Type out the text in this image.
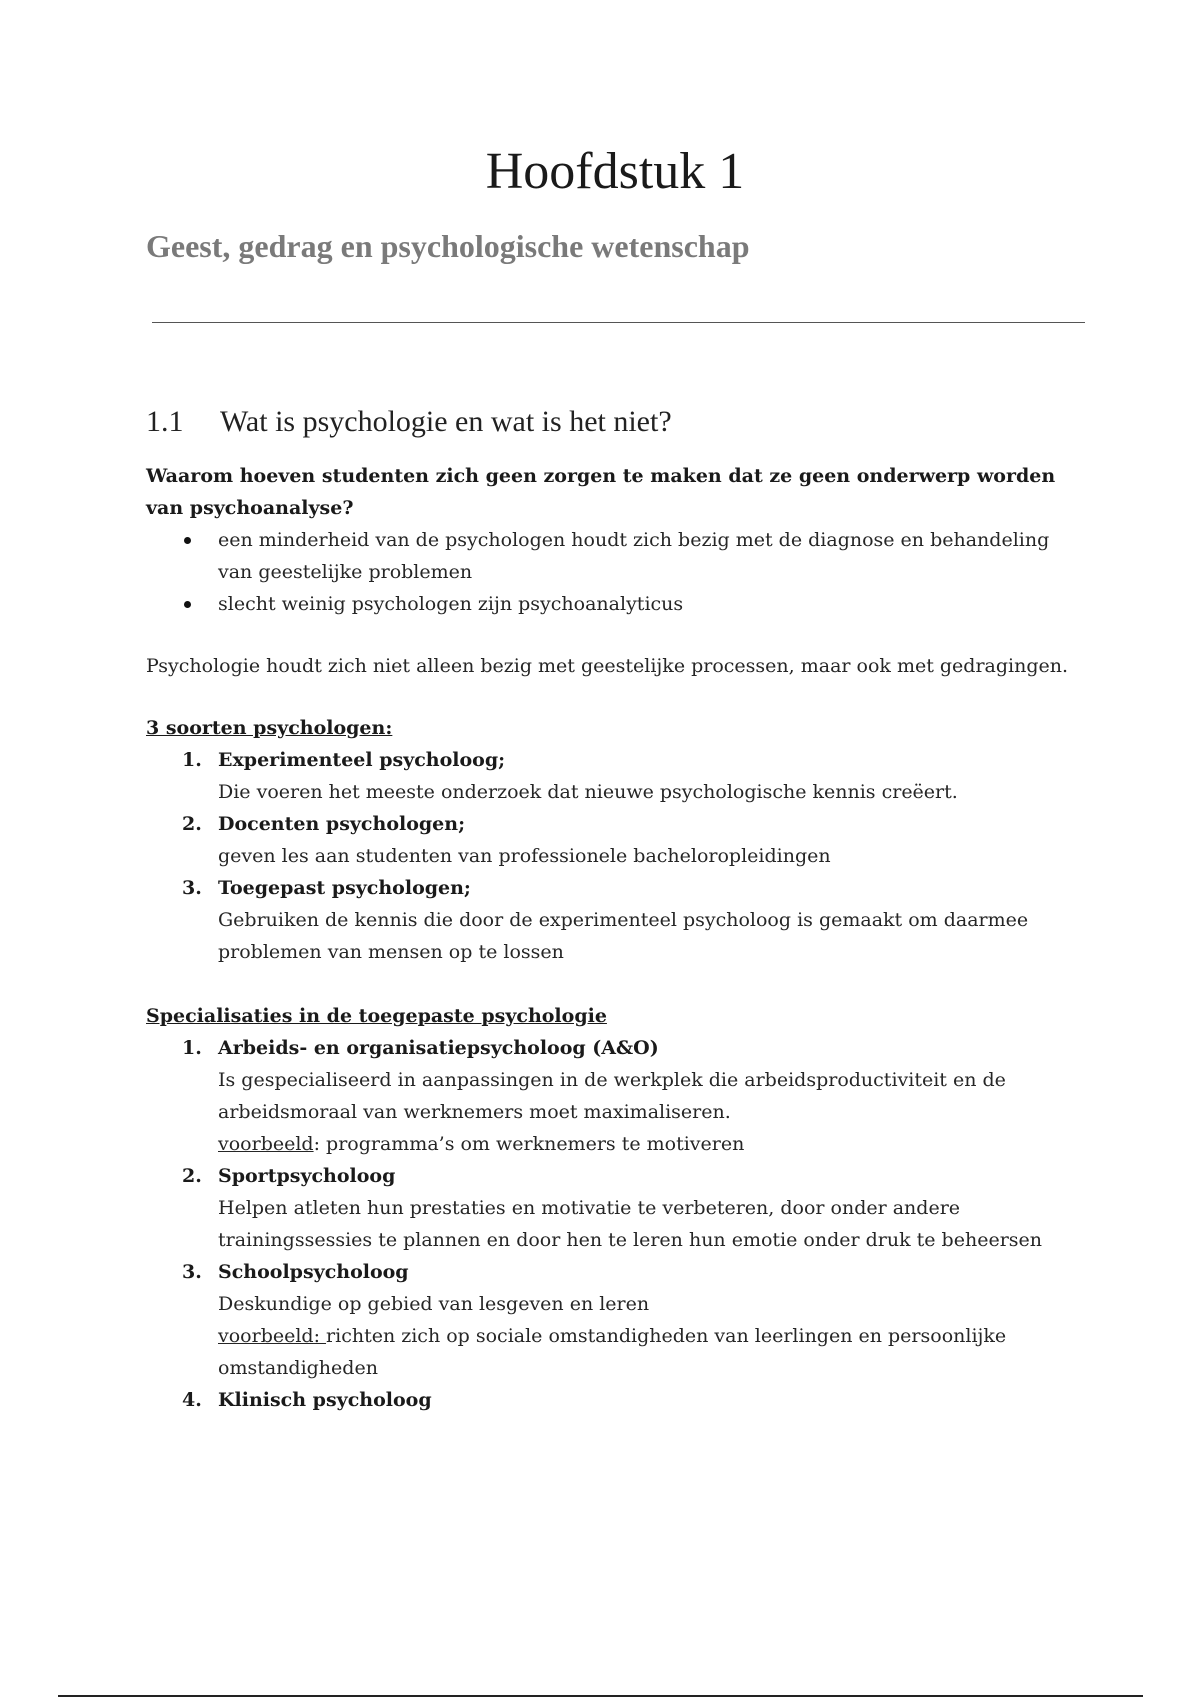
Hoofdstuk 1
Geest, gedrag en psychologische wetenschap
1.1 Wat is psychologie en wat is het niet?

Waarom hoeven studenten zich geen zorgen te maken dat ze geen onderwerp worden van psychoanalyse?

een minderheid van de psychologen houdt zich bezig met de diagnose en behandeling van geestelijke problemen
slecht weinig psychologen zijn psychoanalyticus

Psychologie houdt zich niet alleen bezig met geestelijke processen, maar ook met gedragingen.

3 soorten psychologen:

1. Experimenteel psycholoog;
Die voeren het meeste onderzoek dat nieuwe psychologische kennis creëert.
2. Docenten psychologen;
geven les aan studenten van professionele bacheloropleidingen
3. Toegepast psychologen;
Gebruiken de kennis die door de experimenteel psycholoog is gemaakt om daarmee problemen van mensen op te lossen

Specialisaties in de toegepaste psychologie

1. Arbeids- en organisatiepsycholoog (A&O)
Is gespecialiseerd in aanpassingen in de werkplek die arbeidsproductiviteit en de arbeidsmoraal van werknemers moet maximaliseren.
voorbeeld: programma’s om werknemers te motiveren
2. Sportpsycholoog
Helpen atleten hun prestaties en motivatie te verbeteren, door onder andere trainingssessies te plannen en door hen te leren hun emotie onder druk te beheersen
3. Schoolpsycholoog
Deskundige op gebied van lesgeven en leren
voorbeeld: richten zich op sociale omstandigheden van leerlingen en persoonlijke omstandigheden
4. Klinisch psycholoog
